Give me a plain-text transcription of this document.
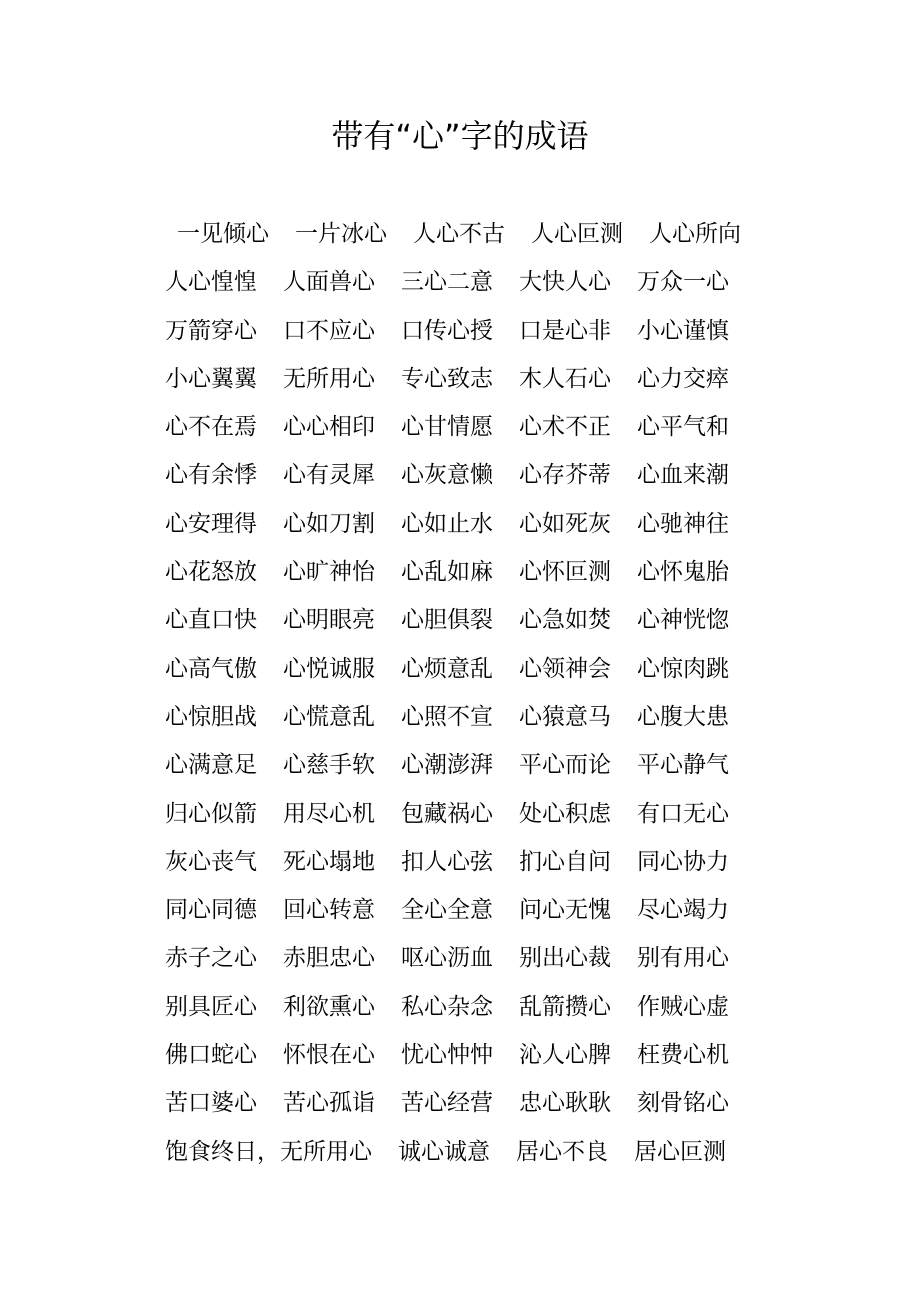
带有“心”字的成语
一见倾心 一片冰心 人心不古 人心叵测 人心所向
人心惶惶 人面兽心 三心二意 大快人心 万众一心
万箭穿心 口不应心 口传心授 口是心非 小心谨慎
小心翼翼 无所用心 专心致志 木人石心 心力交瘁
心不在焉 心心相印 心甘情愿 心术不正 心平气和
心有余悸 心有灵犀 心灰意懒 心存芥蒂 心血来潮
心安理得 心如刀割 心如止水 心如死灰 心驰神往
心花怒放 心旷神怡 心乱如麻 心怀叵测 心怀鬼胎
心直口快 心明眼亮 心胆俱裂 心急如焚 心神恍惚
心高气傲 心悦诚服 心烦意乱 心领神会 心惊肉跳
心惊胆战 心慌意乱 心照不宣 心猿意马 心腹大患
心满意足 心慈手软 心潮澎湃 平心而论 平心静气
归心似箭 用尽心机 包藏祸心 处心积虑 有口无心
灰心丧气 死心塌地 扣人心弦 扪心自问 同心协力
同心同德 回心转意 全心全意 问心无愧 尽心竭力
赤子之心 赤胆忠心 呕心沥血 别出心裁 别有用心
别具匠心 利欲熏心 私心杂念 乱箭攒心 作贼心虚
佛口蛇心 怀恨在心 忧心忡忡 沁人心脾 枉费心机
苦口婆心 苦心孤诣 苦心经营 忠心耿耿 刻骨铭心
饱食终日，无所用心 诚心诚意 居心不良 居心叵测
